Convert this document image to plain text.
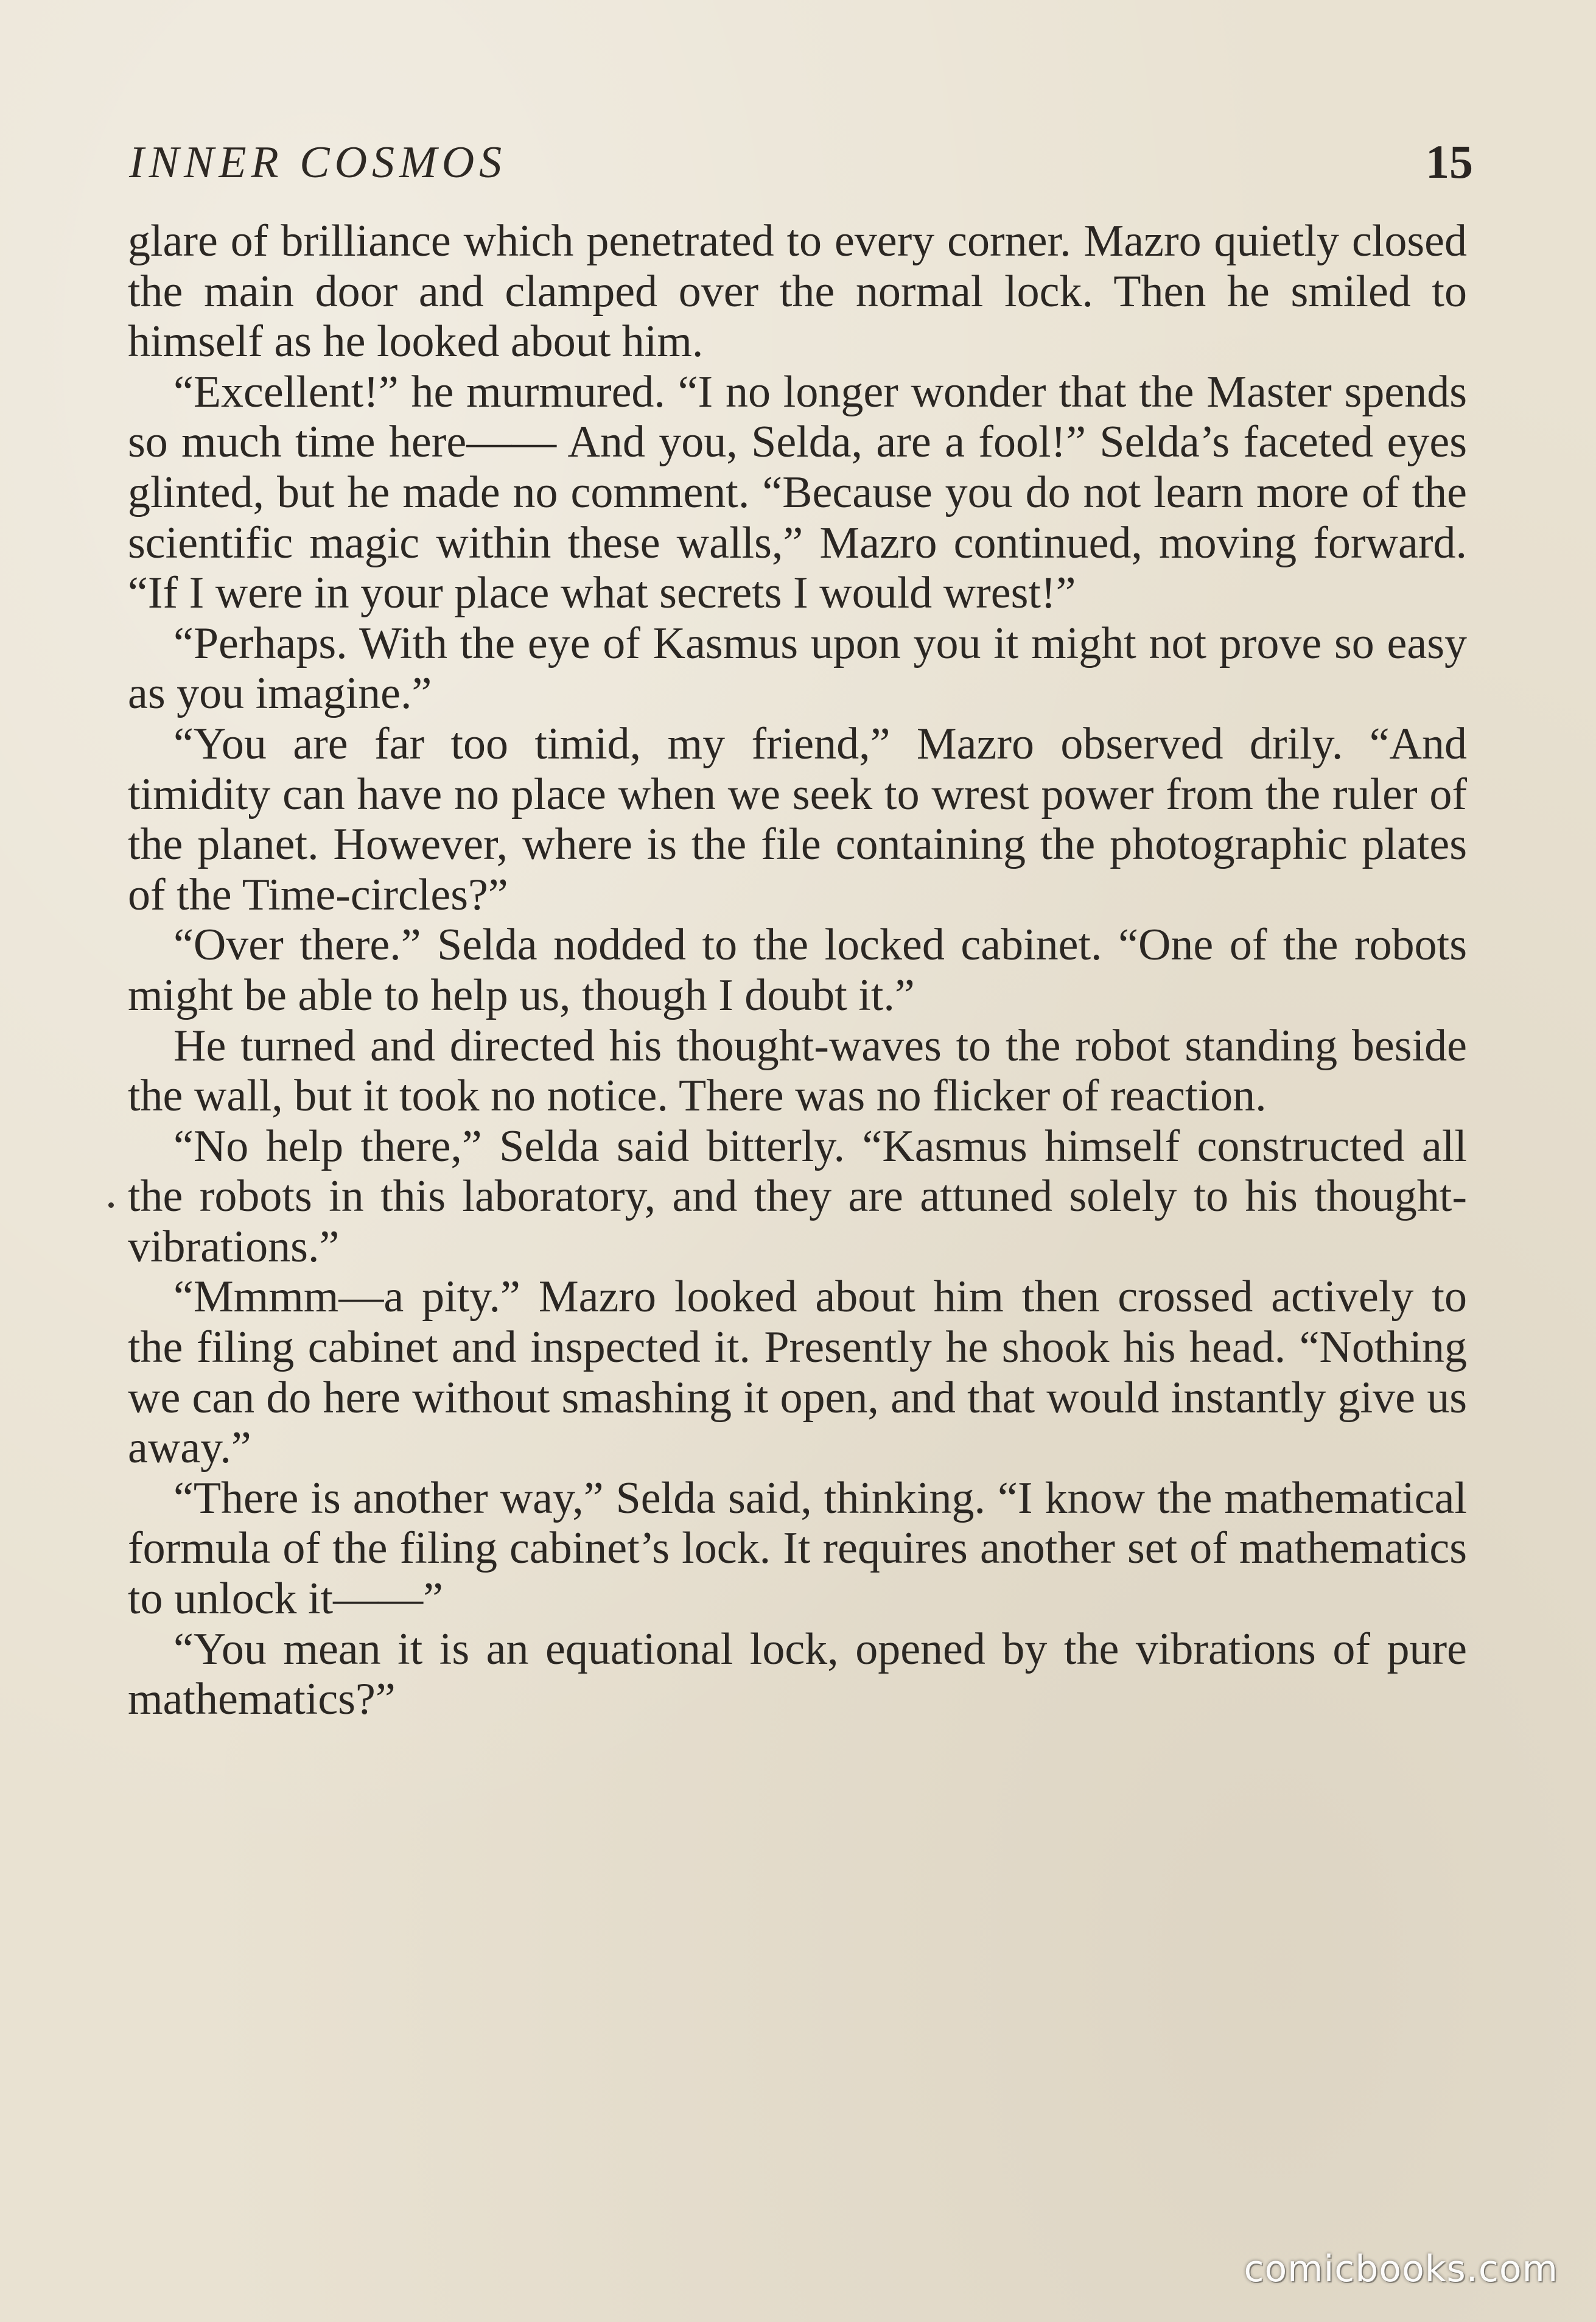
INNER COSMOS	15

glare of brilliance which penetrated to every corner. Mazro quietly closed the main door and clamped over the normal lock. Then he smiled to himself as he looked about him.

“Excellent!” he murmured. “I no longer wonder that the Master spends so much time here—— And you, Selda, are a fool!” Selda’s faceted eyes glinted, but he made no comment. “Because you do not learn more of the scientific magic within these walls,” Mazro continued, moving forward. “If I were in your place what secrets I would wrest!”

“Perhaps. With the eye of Kasmus upon you it might not prove so easy as you imagine.”

“You are far too timid, my friend,” Mazro observed drily. “And timidity can have no place when we seek to wrest power from the ruler of the planet. However, where is the file containing the photographic plates of the Time-circles?”

“Over there.” Selda nodded to the locked cabinet. “One of the robots might be able to help us, though I doubt it.”

He turned and directed his thought-waves to the robot standing beside the wall, but it took no notice. There was no flicker of reaction.

“No help there,” Selda said bitterly. “Kasmus himself constructed all the robots in this laboratory, and they are attuned solely to his thought-vibrations.”

“Mmmm—a pity.” Mazro looked about him then crossed actively to the filing cabinet and inspected it. Presently he shook his head. “Nothing we can do here without smashing it open, and that would instantly give us away.”

“There is another way,” Selda said, thinking. “I know the mathematical formula of the filing cabinet’s lock. It requires another set of mathematics to unlock it——”

“You mean it is an equational lock, opened by the vibrations of pure mathematics?”

comicbooks.com
